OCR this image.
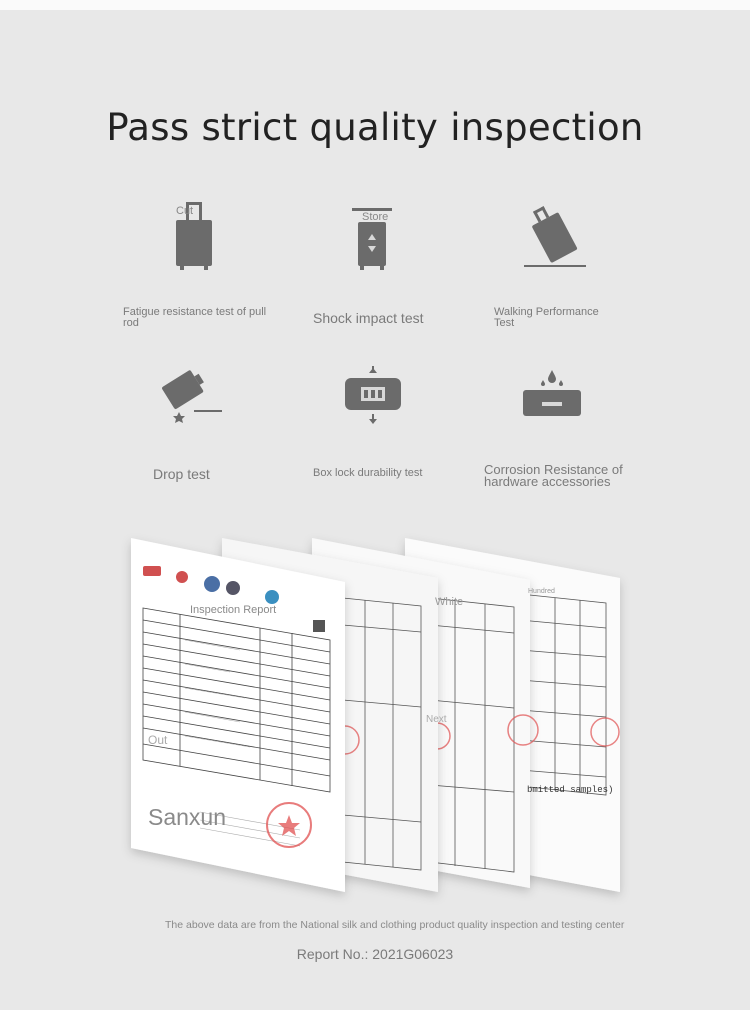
Pass strict quality inspection
Cut	Store
Fatigue resistance test of pull rod	Shock impact test	Walking Performance Test
Drop test	Box lock durability test	Corrosion Resistance of hardware accessories
Inspection Report
Out
Sanxun
White
Hundred
Next
bmitted samples)
The above data are from the National silk and clothing product quality inspection and testing center
Report No.: 2021G06023
